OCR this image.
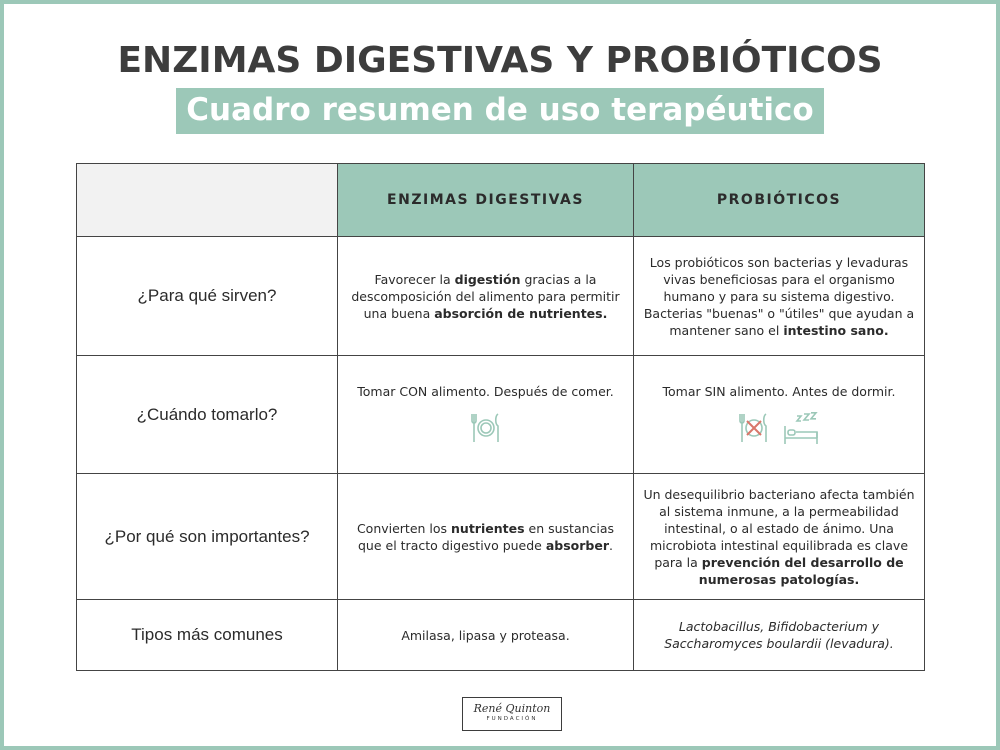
ENZIMAS DIGESTIVAS Y PROBIÓTICOS
Cuadro resumen de uso terapéutico
	ENZIMAS DIGESTIVAS	PROBIÓTICOS
¿Para qué sirven?	Favorecer la digestión gracias a la descomposición del alimento para permitir una buena absorción de nutrientes.	Los probióticos son bacterias y levaduras vivas beneficiosas para el organismo humano y para su sistema digestivo. Bacterias "buenas" o "útiles" que ayudan a mantener sano el intestino sano.
¿Cuándo tomarlo?	Tomar CON alimento. Después de comer.	Tomar SIN alimento. Antes de dormir.

¿Por qué son importantes?	Convierten los nutrientes en sustancias que el tracto digestivo puede absorber.	Un desequilibrio bacteriano afecta también al sistema inmune, a la permeabilidad intestinal, o al estado de ánimo. Una microbiota intestinal equilibrada es clave para la prevención del desarrollo de numerosas patologías.
Tipos más comunes	Amilasa, lipasa y proteasa.	Lactobacillus, Bifidobacterium y Saccharomyces boulardii (levadura).
René Quinton
FUNDACIÓN
